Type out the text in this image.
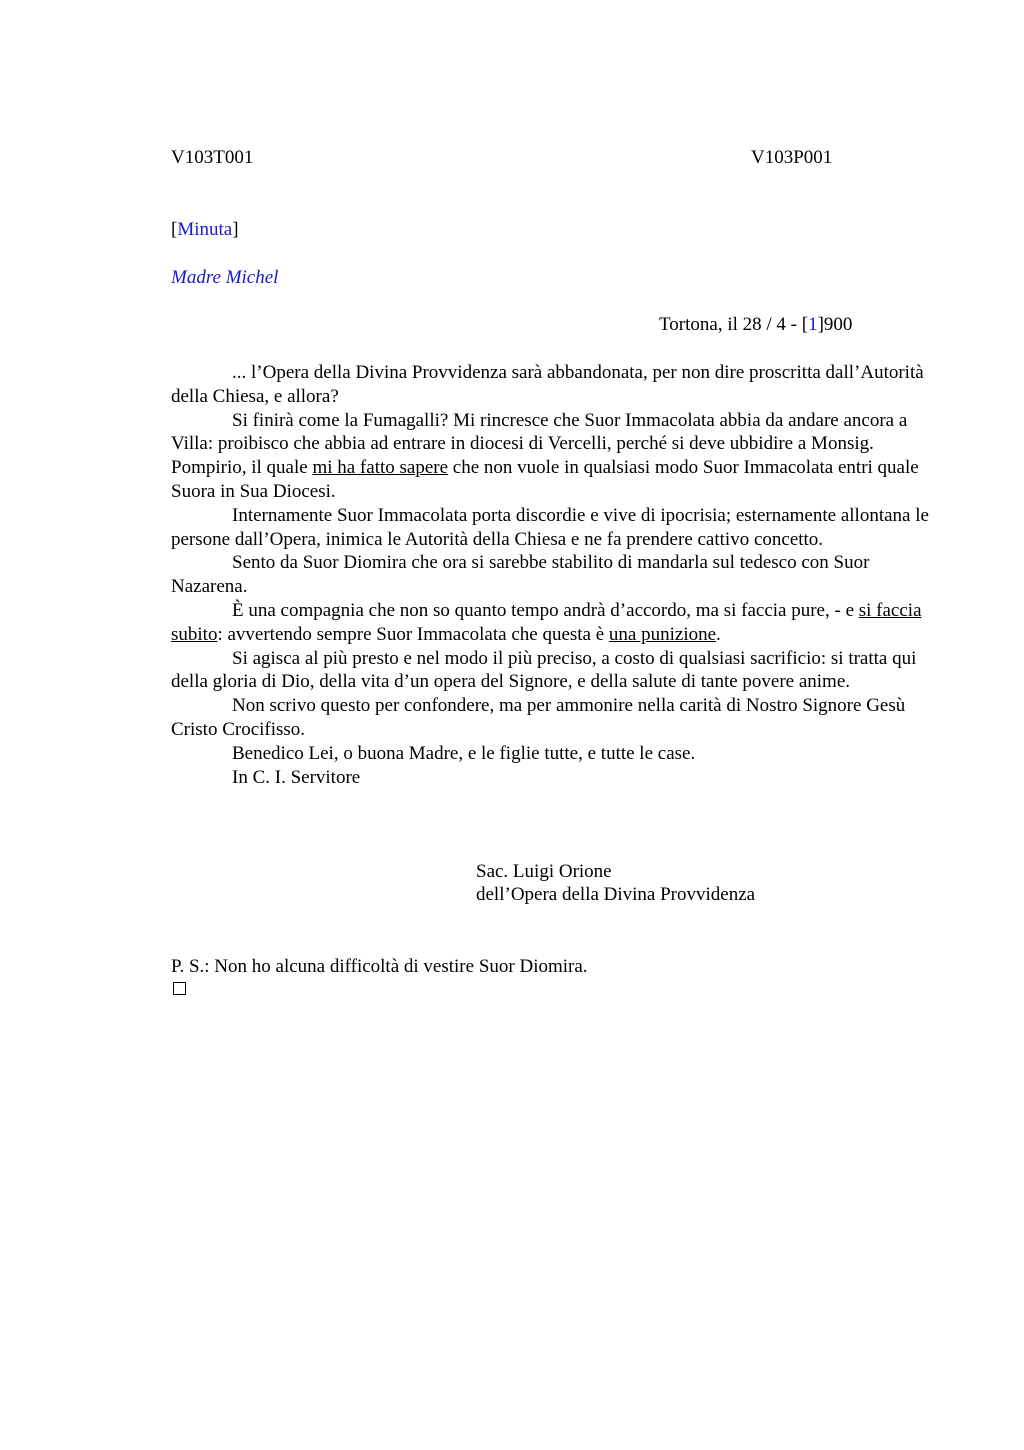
V103T001	V103P001
[Minuta]
Madre Michel
Tortona, il 28 / 4 - [1]900

... l’Opera della Divina Provvidenza sarà abbandonata, per non dire proscritta dall’Autorità della Chiesa, e allora?

Si finirà come la Fumagalli? Mi rincresce che Suor Immacolata abbia da andare ancora a Villa: proibisco che abbia ad entrare in diocesi di Vercelli, perché si deve ubbidire a Monsig. Pompirio, il quale mi ha fatto sapere che non vuole in qualsiasi modo Suor Immacolata entri quale Suora in Sua Diocesi.

Internamente Suor Immacolata porta discordie e vive di ipocrisia; esternamente allontana le persone dall’Opera, inimica le Autorità della Chiesa e ne fa prendere cattivo concetto.

Sento da Suor Diomira che ora si sarebbe stabilito di mandarla sul tedesco con Suor Nazarena.

È una compagnia che non so quanto tempo andrà d’accordo, ma si faccia pure, - e si faccia subito: avvertendo sempre Suor Immacolata che questa è una punizione.

Si agisca al più presto e nel modo il più preciso, a costo di qualsiasi sacrificio: si tratta qui della gloria di Dio, della vita d’un opera del Signore, e della salute di tante povere anime.

Non scrivo questo per confondere, ma per ammonire nella carità di Nostro Signore Gesù Cristo Crocifisso.

Benedico Lei, o buona Madre, e le figlie tutte, e tutte le case.

In C. I. Servitore

Sac. Luigi Orione
dell’Opera della Divina Provvidenza
P. S.: Non ho alcuna difficoltà di vestire Suor Diomira.
